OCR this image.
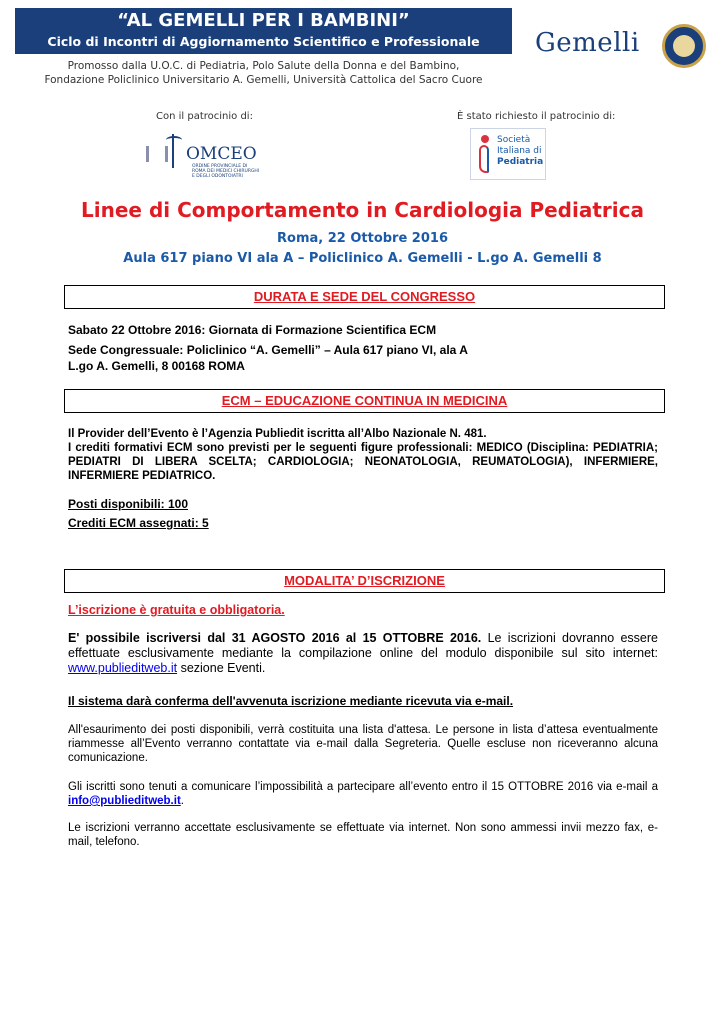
“AL GEMELLI PER I BAMBINI”
Ciclo di Incontri di Aggiornamento Scientifico e Professionale
Promosso dalla U.O.C. di Pediatria, Polo Salute della Donna e del Bambino,
Fondazione Policlinico Universitario A. Gemelli, Università Cattolica del Sacro Cuore
Gemelli
Con il patrocinio di:	È stato richiesto il patrocinio di:
OMCEO
ORDINE PROVINCIALE DI ROMA DEI MEDICI CHIRURGHI E DEGLI ODONTOIATRI
Società
Italiana di
Pediatria
Linee di Comportamento in Cardiologia Pediatrica
Roma, 22 Ottobre 2016
Aula 617 piano VI ala A – Policlinico A. Gemelli - L.go A. Gemelli 8
DURATA E SEDE DEL CONGRESSO
Sabato 22 Ottobre 2016: Giornata di Formazione Scientifica ECM
Sede Congressuale: Policlinico “A. Gemelli” – Aula 617 piano VI, ala A
L.go A. Gemelli, 8 00168 ROMA
ECM – EDUCAZIONE CONTINUA IN MEDICINA
Il Provider dell’Evento è l’Agenzia Publiedit iscritta all’Albo Nazionale N. 481.
I crediti formativi ECM sono previsti per le seguenti figure professionali: MEDICO (Disciplina: PEDIATRIA; PEDIATRI DI LIBERA SCELTA; CARDIOLOGIA; NEONATOLOGIA, REUMATOLOGIA), INFERMIERE, INFERMIERE PEDIATRICO.
Posti disponibili: 100
Crediti ECM assegnati: 5
MODALITA’ D’ISCRIZIONE
L’iscrizione è gratuita e obbligatoria.
E' possibile iscriversi dal 31 AGOSTO 2016 al 15 OTTOBRE 2016. Le iscrizioni dovranno essere effettuate esclusivamente mediante la compilazione online del modulo disponibile sul sito internet: www.publieditweb.it sezione Eventi.
Il sistema darà conferma dell'avvenuta iscrizione mediante ricevuta via e-mail.
All'esaurimento dei posti disponibili, verrà costituita una lista d'attesa. Le persone in lista d’attesa eventualmente riammesse all’Evento verranno contattate via e-mail dalla Segreteria. Quelle escluse non riceveranno alcuna comunicazione.
Gli iscritti sono tenuti a comunicare l’impossibilità a partecipare all’evento entro il 15 OTTOBRE 2016 via e-mail a info@publieditweb.it.
Le iscrizioni verranno accettate esclusivamente se effettuate via internet. Non sono ammessi invii mezzo fax, e-mail, telefono.
